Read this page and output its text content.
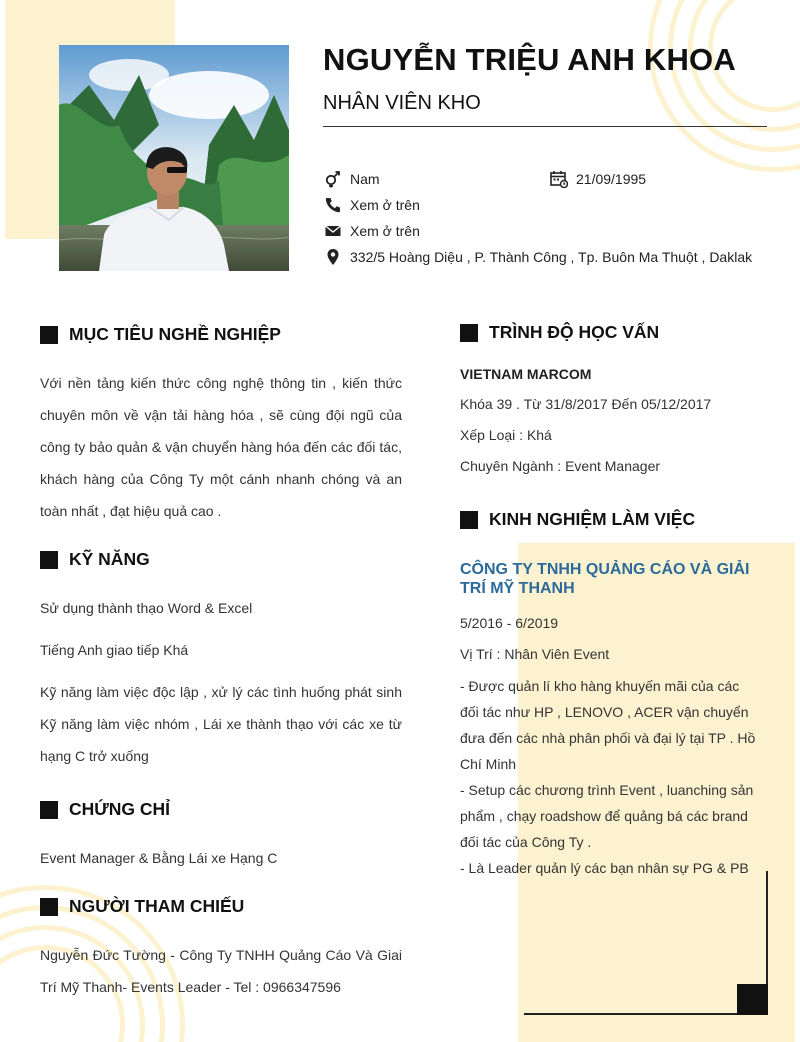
NGUYỄN TRIỆU ANH KHOA
NHÂN VIÊN KHO
Nam	21/09/1995
Xem ở trên
Xem ở trên
332/5 Hoàng Diệu , P. Thành Công , Tp. Buôn Ma Thuột , Daklak
MỤC TIÊU NGHỀ NGHIỆP
Với nền tảng kiến thức công nghệ thông tin , kiến thức chuyên môn về vận tải hàng hóa , sẽ cùng đội ngũ của công ty bảo quản & vận chuyển hàng hóa đến các đối tác, khách hàng của Công Ty một cánh nhanh chóng và an toàn nhất , đạt hiệu quả cao .
KỸ NĂNG
Sử dụng thành thạo Word & Excel
Tiếng Anh giao tiếp Khá
Kỹ năng làm việc độc lập , xử lý các tình huống phát sinh Kỹ năng làm việc nhóm , Lái xe thành thạo với các xe từ hạng C trở xuống
CHỨNG CHỈ
Event Manager & Bằng Lái xe Hạng C
NGƯỜI THAM CHIẾU
Nguyễn Đức Tường - Công Ty TNHH Quảng Cáo Và Giai Trí Mỹ Thanh- Events Leader - Tel : 0966347596
TRÌNH ĐỘ HỌC VẤN
VIETNAM MARCOM
Khóa 39 . Từ 31/8/2017 Đến 05/12/2017
Xếp Loại : Khá
Chuyên Ngành : Event Manager
KINH NGHIỆM LÀM VIỆC
CÔNG TY TNHH QUẢNG CÁO VÀ GIẢI TRÍ MỸ THANH
5/2016 - 6/2019
Vị Trí : Nhân Viên Event
- Được quản lí kho hàng khuyến mãi của các đối tác như HP , LENOVO , ACER vận chuyển đưa đến các nhà phân phối và đại lý tại TP . Hồ Chí Minh
- Setup các chương trình Event , luanching sản phẩm , chạy roadshow để quảng bá các brand đối tác của Công Ty .
- Là Leader quản lý các bạn nhân sự PG & PB
